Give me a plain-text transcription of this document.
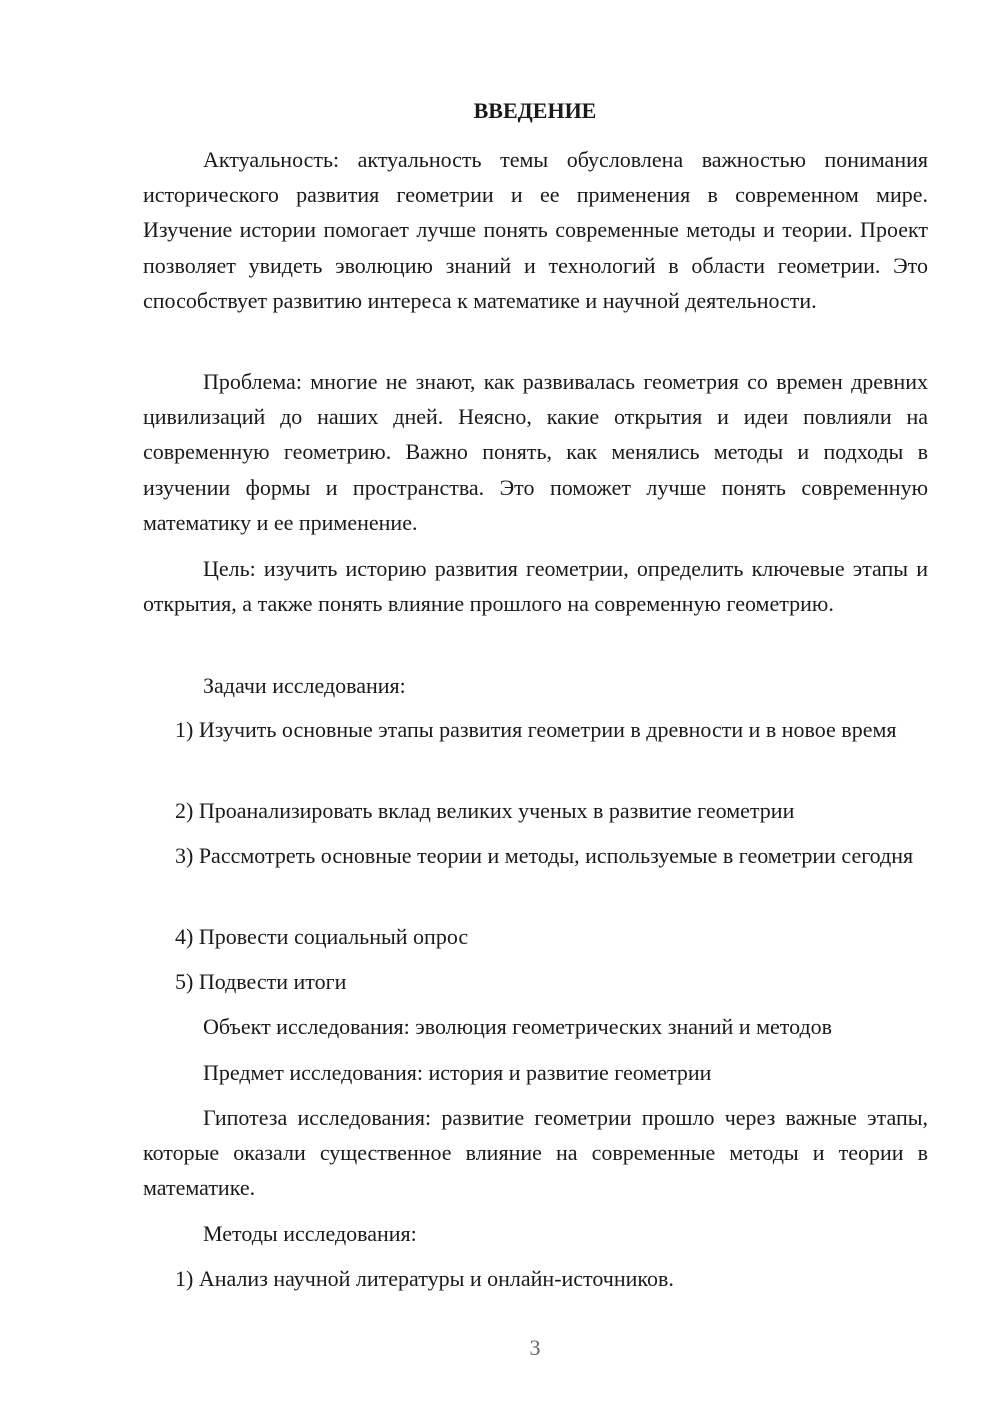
ВВЕДЕНИЕ

Актуальность: актуальность темы обусловлена важностью понимания исторического развития геометрии и ее применения в современном мире. Изучение истории помогает лучше понять современные методы и теории. Проект позволяет увидеть эволюцию знаний и технологий в области геометрии. Это способствует развитию интереса к математике и научной деятельности.

Проблема: многие не знают, как развивалась геометрия со времен древних цивилизаций до наших дней. Неясно, какие открытия и идеи повлияли на современную геометрию. Важно понять, как менялись методы и подходы в изучении формы и пространства. Это поможет лучше понять современную математику и ее применение.

Цель: изучить историю развития геометрии, определить ключевые этапы и открытия, а также понять влияние прошлого на современную геометрию.

Задачи исследования:

1) Изучить основные этапы развития геометрии в древности и в новое время

2) Проанализировать вклад великих ученых в развитие геометрии

3) Рассмотреть основные теории и методы, используемые в геометрии сегодня

4) Провести социальный опрос

5) Подвести итоги

Объект исследования: эволюция геометрических знаний и методов

Предмет исследования: история и развитие геометрии

Гипотеза исследования: развитие геометрии прошло через важные этапы, которые оказали существенное влияние на современные методы и теории в математике.

Методы исследования:

1) Анализ научной литературы и онлайн-источников.

3
